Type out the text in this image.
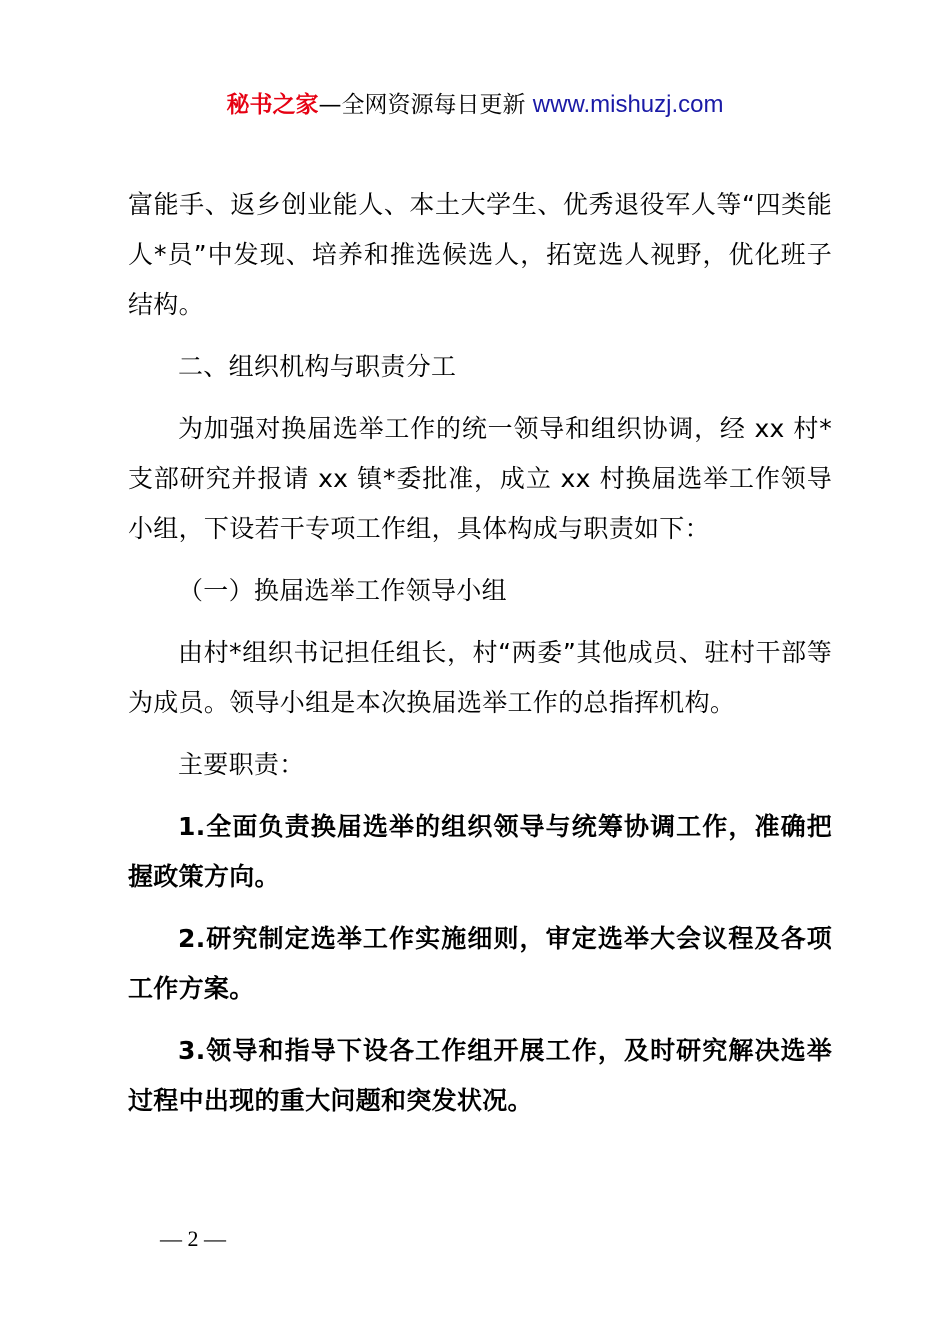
秘书之家—全网资源每日更新 www.mishuzj.com

富能手、返乡创业能人、本土大学生、优秀退役军人等“四类能人*员”中发现、培养和推选候选人，拓宽选人视野，优化班子结构。

二、组织机构与职责分工

为加强对换届选举工作的统一领导和组织协调，经 xx 村*支部研究并报请 xx 镇*委批准，成立 xx 村换届选举工作领导小组，下设若干专项工作组，具体构成与职责如下：

（一）换届选举工作领导小组

由村*组织书记担任组长，村“两委”其他成员、驻村干部等为成员。领导小组是本次换届选举工作的总指挥机构。

主要职责：

1.全面负责换届选举的组织领导与统筹协调工作，准确把握政策方向。

2.研究制定选举工作实施细则，审定选举大会议程及各项工作方案。

3.领导和指导下设各工作组开展工作，及时研究解决选举过程中出现的重大问题和突发状况。

— 2 —
